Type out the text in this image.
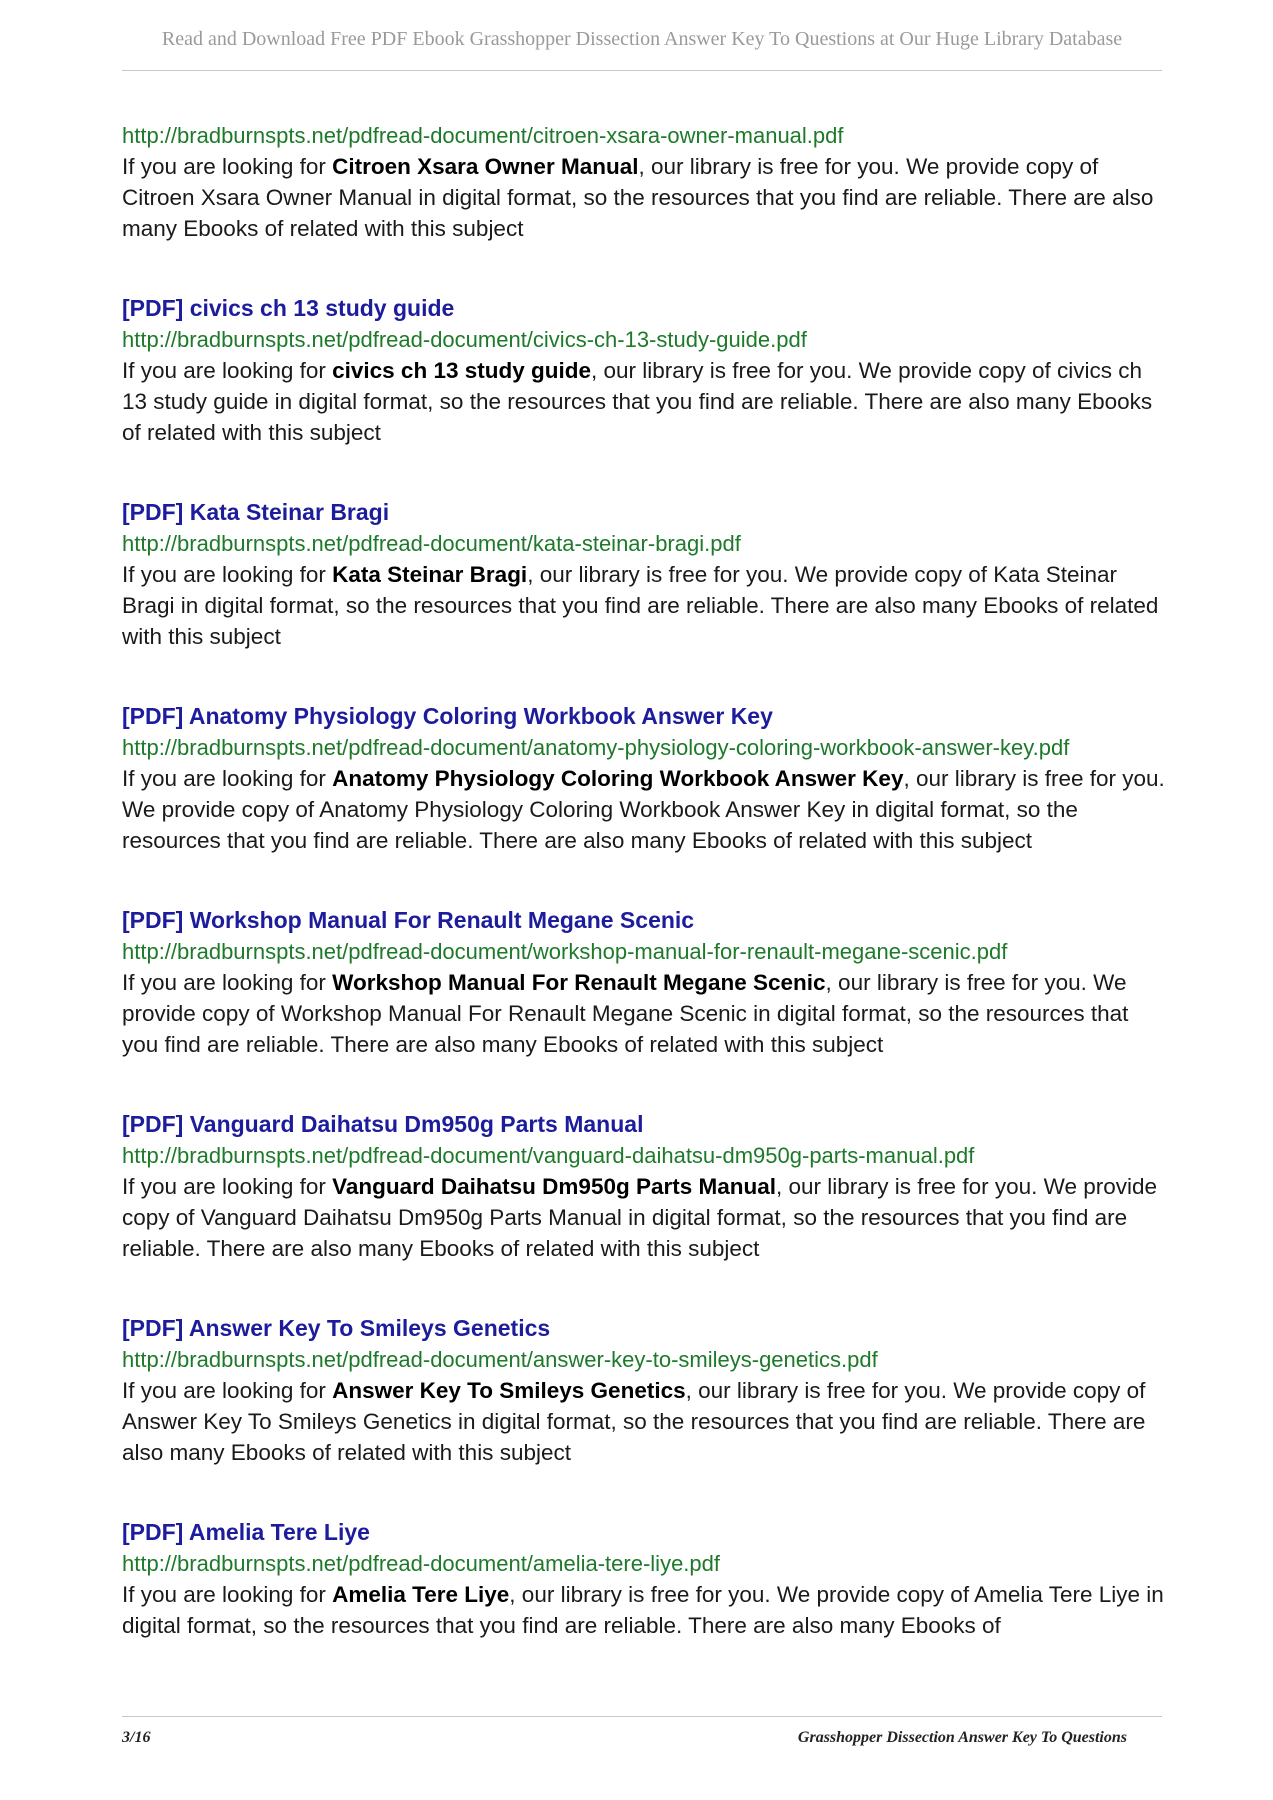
Read and Download Free PDF Ebook Grasshopper Dissection Answer Key To Questions at Our Huge Library Database
http://bradburnspts.net/pdfread-document/citroen-xsara-owner-manual.pdf
If you are looking for Citroen Xsara Owner Manual, our library is free for you. We provide copy of Citroen Xsara Owner Manual in digital format, so the resources that you find are reliable. There are also many Ebooks of related with this subject
[PDF] civics ch 13 study guide
http://bradburnspts.net/pdfread-document/civics-ch-13-study-guide.pdf
If you are looking for civics ch 13 study guide, our library is free for you. We provide copy of civics ch 13 study guide in digital format, so the resources that you find are reliable. There are also many Ebooks of related with this subject
[PDF] Kata Steinar Bragi
http://bradburnspts.net/pdfread-document/kata-steinar-bragi.pdf
If you are looking for Kata Steinar Bragi, our library is free for you. We provide copy of Kata Steinar Bragi in digital format, so the resources that you find are reliable. There are also many Ebooks of related with this subject
[PDF] Anatomy Physiology Coloring Workbook Answer Key
http://bradburnspts.net/pdfread-document/anatomy-physiology-coloring-workbook-answer-key.pdf
If you are looking for Anatomy Physiology Coloring Workbook Answer Key, our library is free for you. We provide copy of Anatomy Physiology Coloring Workbook Answer Key in digital format, so the resources that you find are reliable. There are also many Ebooks of related with this subject
[PDF] Workshop Manual For Renault Megane Scenic
http://bradburnspts.net/pdfread-document/workshop-manual-for-renault-megane-scenic.pdf
If you are looking for Workshop Manual For Renault Megane Scenic, our library is free for you. We provide copy of Workshop Manual For Renault Megane Scenic in digital format, so the resources that you find are reliable. There are also many Ebooks of related with this subject
[PDF] Vanguard Daihatsu Dm950g Parts Manual
http://bradburnspts.net/pdfread-document/vanguard-daihatsu-dm950g-parts-manual.pdf
If you are looking for Vanguard Daihatsu Dm950g Parts Manual, our library is free for you. We provide copy of Vanguard Daihatsu Dm950g Parts Manual in digital format, so the resources that you find are reliable. There are also many Ebooks of related with this subject
[PDF] Answer Key To Smileys Genetics
http://bradburnspts.net/pdfread-document/answer-key-to-smileys-genetics.pdf
If you are looking for Answer Key To Smileys Genetics, our library is free for you. We provide copy of Answer Key To Smileys Genetics in digital format, so the resources that you find are reliable. There are also many Ebooks of related with this subject
[PDF] Amelia Tere Liye
http://bradburnspts.net/pdfread-document/amelia-tere-liye.pdf
If you are looking for Amelia Tere Liye, our library is free for you. We provide copy of Amelia Tere Liye in digital format, so the resources that you find are reliable. There are also many Ebooks of
3/16	Grasshopper Dissection Answer Key To Questions
